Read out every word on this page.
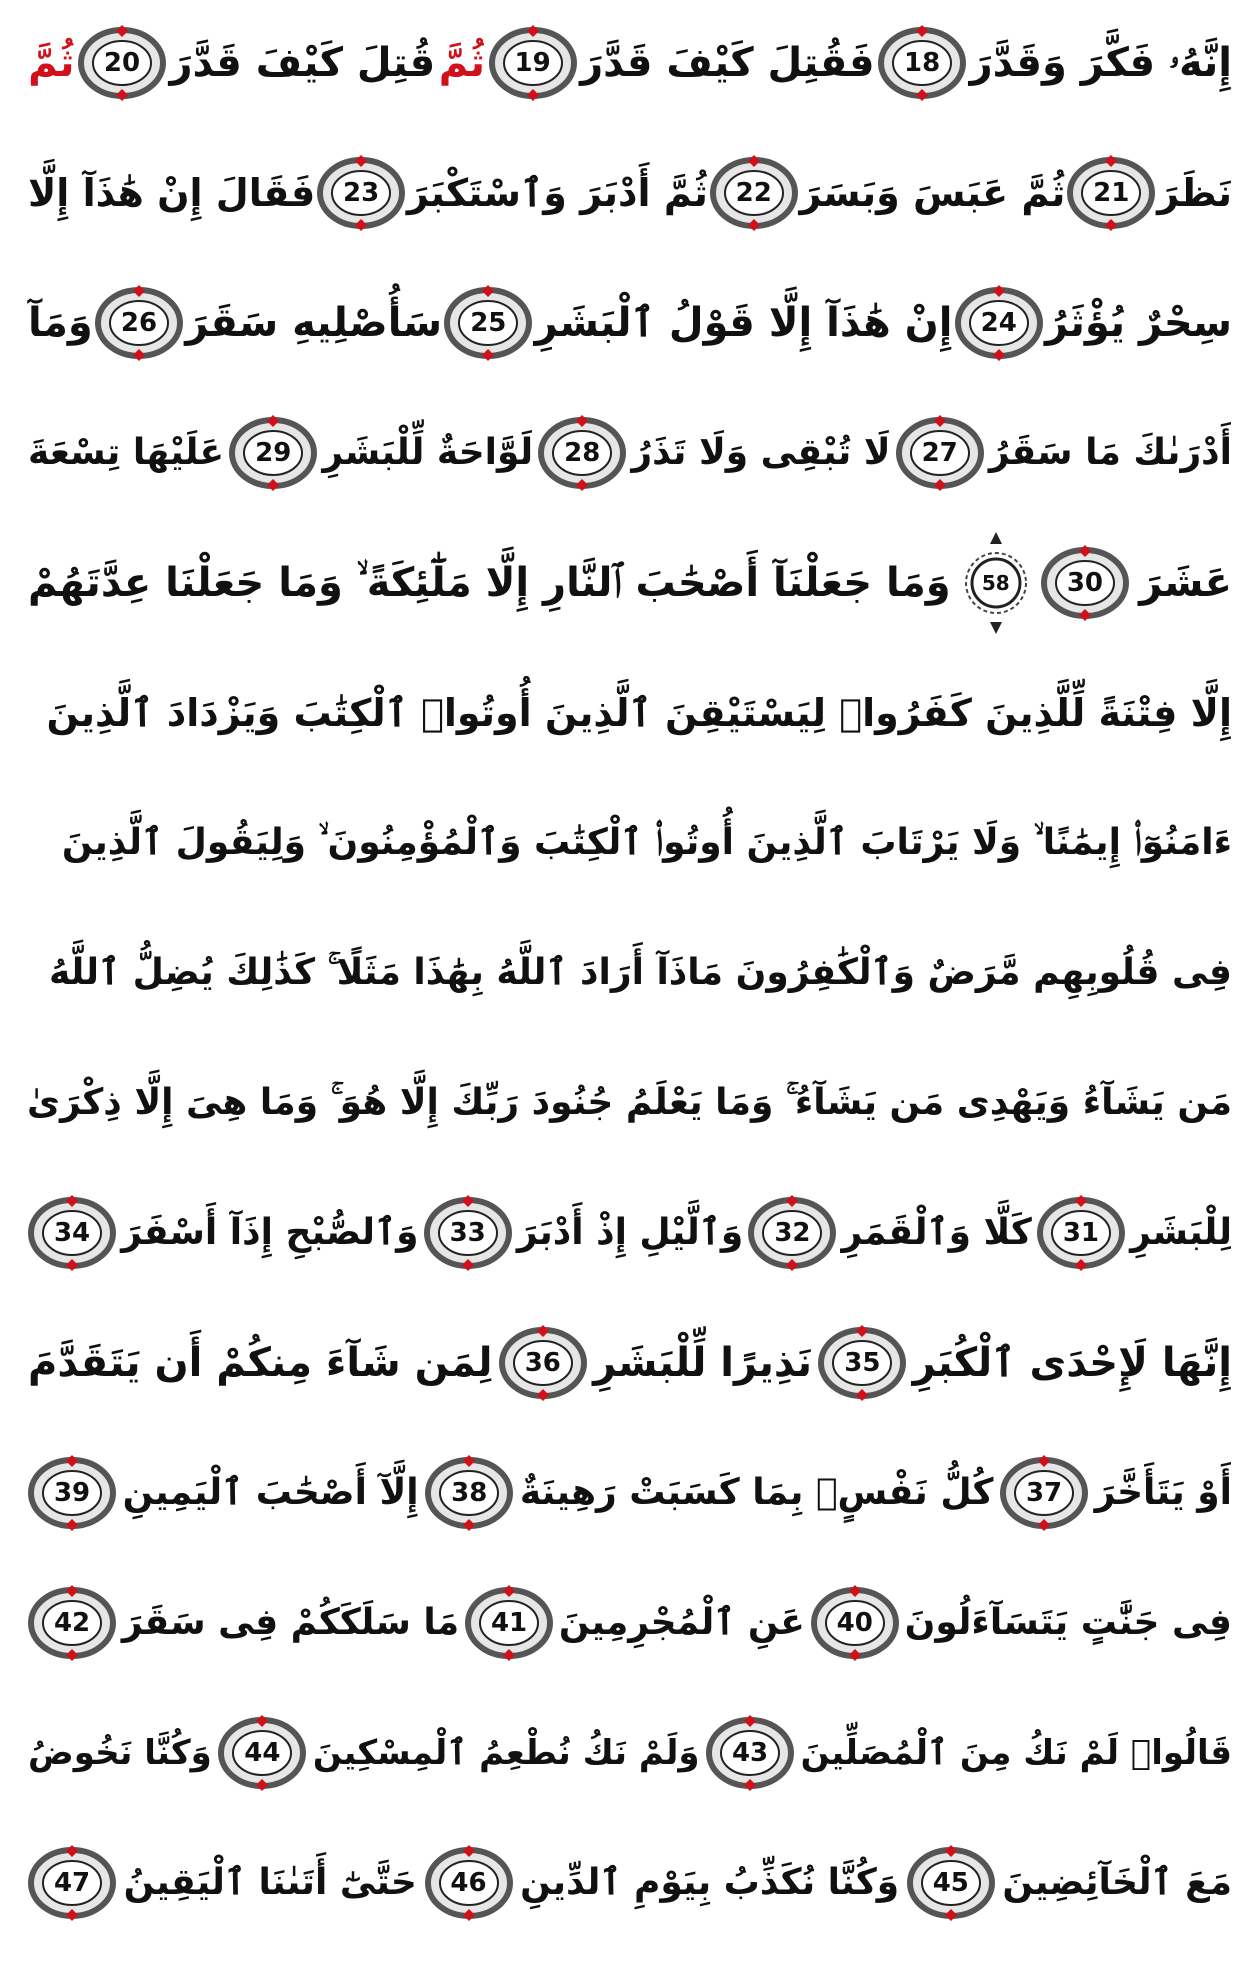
إِنَّهُۥ فَكَّرَ وَقَدَّرَ
18
فَقُتِلَ كَيْفَ قَدَّرَ
19
ثُمَّ
قُتِلَ كَيْفَ قَدَّرَ
20
ثُمَّ
نَظَرَ
21
ثُمَّ عَبَسَ وَبَسَرَ
22
ثُمَّ أَدْبَرَ وَٱسْتَكْبَرَ
23
فَقَالَ إِنْ هَٰذَآ إِلَّا
سِحْرٌ يُؤْثَرُ
24
إِنْ هَٰذَآ إِلَّا قَوْلُ ٱلْبَشَرِ
25
سَأُصْلِيهِ سَقَرَ
26
وَمَآ
أَدْرَىٰكَ مَا سَقَرُ
27
لَا تُبْقِى وَلَا تَذَرُ
28
لَوَّاحَةٌ لِّلْبَشَرِ
29
عَلَيْهَا تِسْعَةَ
عَشَرَ
30
58
وَمَا جَعَلْنَآ أَصْحَٰبَ ٱلنَّارِ إِلَّا مَلَٰٓئِكَةً ۙ وَمَا جَعَلْنَا عِدَّتَهُمْ
إِلَّا فِتْنَةً لِّلَّذِينَ كَفَرُوا۟ لِيَسْتَيْقِنَ ٱلَّذِينَ أُوتُوا۟ ٱلْكِتَٰبَ وَيَزْدَادَ ٱلَّذِينَ
ءَامَنُوٓا۟ إِيمَٰنًا ۙ وَلَا يَرْتَابَ ٱلَّذِينَ أُوتُوا۟ ٱلْكِتَٰبَ وَٱلْمُؤْمِنُونَ ۙ وَلِيَقُولَ ٱلَّذِينَ
فِى قُلُوبِهِم مَّرَضٌ وَٱلْكَٰفِرُونَ مَاذَآ أَرَادَ ٱللَّهُ بِهَٰذَا مَثَلًا ۚ كَذَٰلِكَ يُضِلُّ ٱللَّهُ
مَن يَشَآءُ وَيَهْدِى مَن يَشَآءُ ۚ وَمَا يَعْلَمُ جُنُودَ رَبِّكَ إِلَّا هُوَ ۚ وَمَا هِىَ إِلَّا ذِكْرَىٰ
لِلْبَشَرِ
31
كَلَّا وَٱلْقَمَرِ
32
وَٱلَّيْلِ إِذْ أَدْبَرَ
33
وَٱلصُّبْحِ إِذَآ أَسْفَرَ
34
إِنَّهَا لَإِحْدَى ٱلْكُبَرِ
35
نَذِيرًا لِّلْبَشَرِ
36
لِمَن شَآءَ مِنكُمْ أَن يَتَقَدَّمَ
أَوْ يَتَأَخَّرَ
37
كُلُّ نَفْسٍۭ بِمَا كَسَبَتْ رَهِينَةٌ
38
إِلَّآ أَصْحَٰبَ ٱلْيَمِينِ
39
فِى جَنَّٰتٍ يَتَسَآءَلُونَ
40
عَنِ ٱلْمُجْرِمِينَ
41
مَا سَلَكَكُمْ فِى سَقَرَ
42
قَالُوا۟ لَمْ نَكُ مِنَ ٱلْمُصَلِّينَ
43
وَلَمْ نَكُ نُطْعِمُ ٱلْمِسْكِينَ
44
وَكُنَّا نَخُوضُ
مَعَ ٱلْخَآئِضِينَ
45
وَكُنَّا نُكَذِّبُ بِيَوْمِ ٱلدِّينِ
46
حَتَّىٰٓ أَتَىٰنَا ٱلْيَقِينُ
47
